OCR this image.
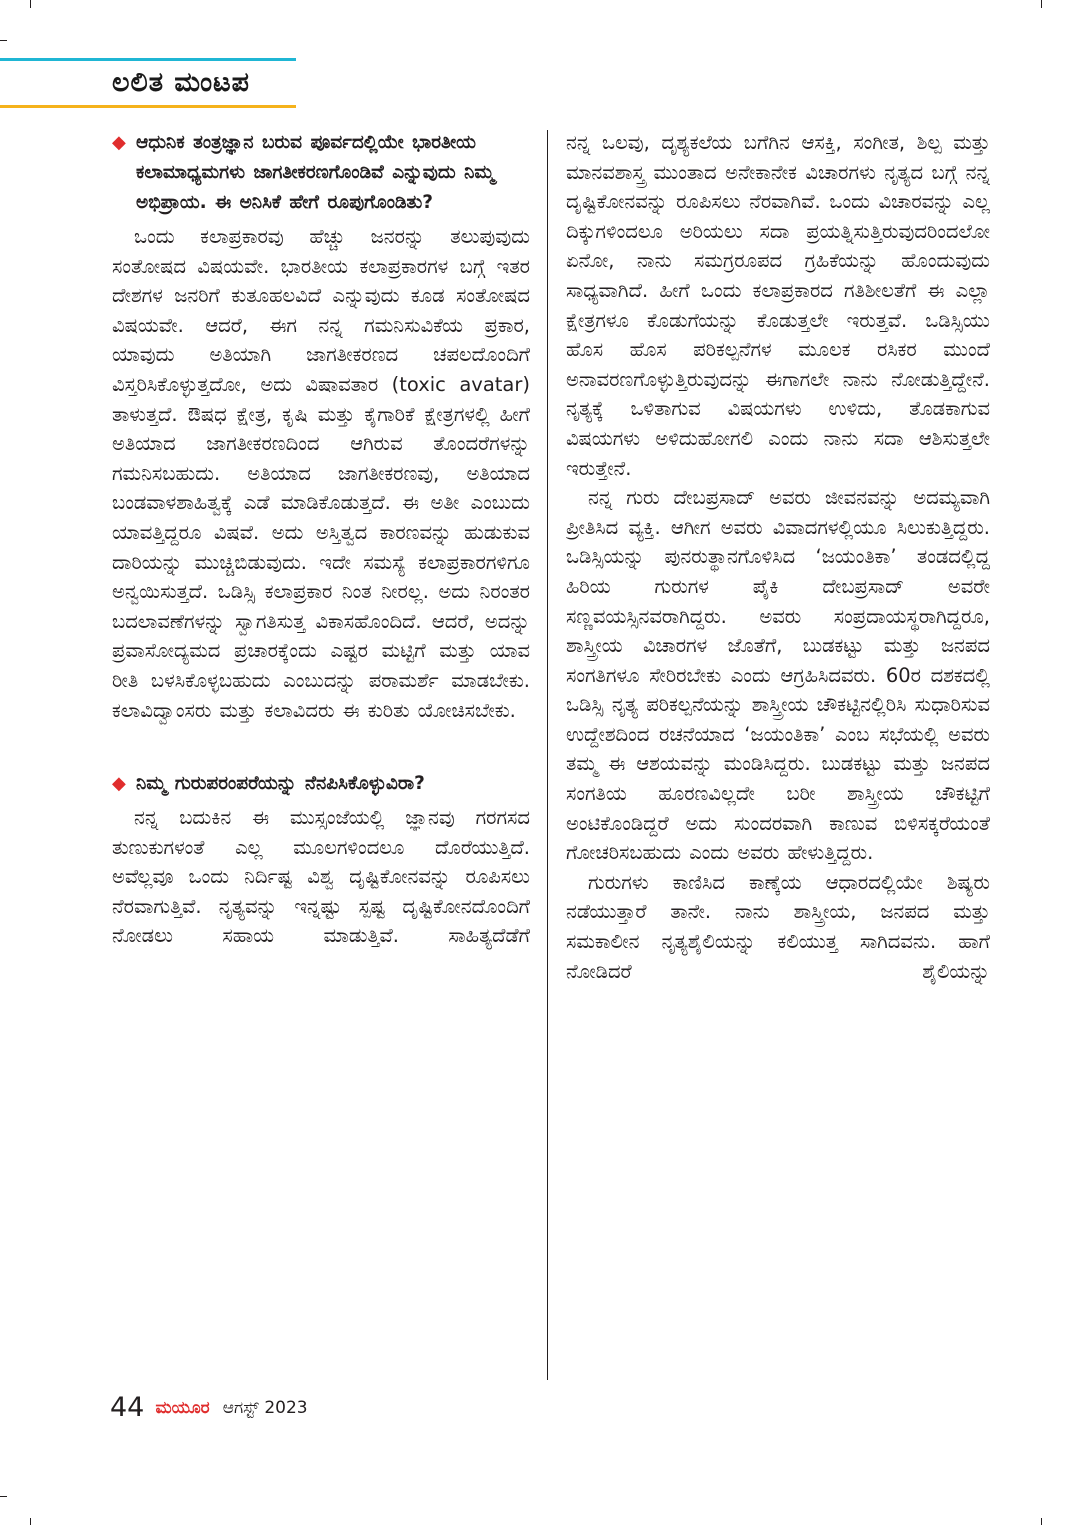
ಲಲಿತ ಮಂಟಪ
◆ ಆಧುನಿಕ ತಂತ್ರಜ್ಞಾನ ಬರುವ ಪೂರ್ವದಲ್ಲಿಯೇ ಭಾರತೀಯ ಕಲಾಮಾಧ್ಯಮಗಳು ಜಾಗತೀಕರಣಗೊಂಡಿವೆ ಎನ್ನುವುದು ನಿಮ್ಮ ಅಭಿಪ್ರಾಯ. ಈ ಅನಿಸಿಕೆ ಹೇಗೆ ರೂಪುಗೊಂಡಿತು?

ಒಂದು ಕಲಾಪ್ರಕಾರವು ಹೆಚ್ಚು ಜನರನ್ನು ತಲುಪುವುದು ಸಂತೋಷದ ವಿಷಯವೇ. ಭಾರತೀಯ ಕಲಾಪ್ರಕಾರಗಳ ಬಗ್ಗೆ ಇತರ ದೇಶಗಳ ಜನರಿಗೆ ಕುತೂಹಲವಿದೆ ಎನ್ನುವುದು ಕೂಡ ಸಂತೋಷದ ವಿಷಯವೇ. ಆದರೆ, ಈಗ ನನ್ನ ಗಮನಿಸುವಿಕೆಯ ಪ್ರಕಾರ, ಯಾವುದು ಅತಿಯಾಗಿ ಜಾಗತೀಕರಣದ ಚಪಲದೊಂದಿಗೆ ವಿಸ್ತರಿಸಿಕೊಳ್ಳುತ್ತದೋ, ಅದು ವಿಷಾವತಾರ (toxic avatar) ತಾಳುತ್ತದೆ. ಔಷಧ ಕ್ಷೇತ್ರ, ಕೃಷಿ ಮತ್ತು ಕೈಗಾರಿಕೆ ಕ್ಷೇತ್ರಗಳಲ್ಲಿ ಹೀಗೆ ಅತಿಯಾದ ಜಾಗತೀಕರಣದಿಂದ ಆಗಿರುವ ತೊಂದರೆಗಳನ್ನು ಗಮನಿಸಬಹುದು. ಅತಿಯಾದ ಜಾಗತೀಕರಣವು, ಅತಿಯಾದ ಬಂಡವಾಳಶಾಹಿತ್ವಕ್ಕೆ ಎಡೆ ಮಾಡಿಕೊಡುತ್ತದೆ. ಈ ಅತೀ ಎಂಬುದು ಯಾವತ್ತಿದ್ದರೂ ವಿಷವೆ. ಅದು ಅಸ್ತಿತ್ವದ ಕಾರಣವನ್ನು ಹುಡುಕುವ ದಾರಿಯನ್ನು ಮುಚ್ಚಿಬಿಡುವುದು. ಇದೇ ಸಮಸ್ಯೆ ಕಲಾಪ್ರಕಾರಗಳಿಗೂ ಅನ್ವಯಿಸುತ್ತದೆ. ಒಡಿಸ್ಸಿ ಕಲಾಪ್ರಕಾರ ನಿಂತ ನೀರಲ್ಲ. ಅದು ನಿರಂತರ ಬದಲಾವಣೆಗಳನ್ನು ಸ್ವಾಗತಿಸುತ್ತ ವಿಕಾಸಹೊಂದಿದೆ. ಆದರೆ, ಅದನ್ನು ಪ್ರವಾಸೋದ್ಯಮದ ಪ್ರಚಾರಕ್ಕೆಂದು ಎಷ್ಟರ ಮಟ್ಟಿಗೆ ಮತ್ತು ಯಾವ ರೀತಿ ಬಳಸಿಕೊಳ್ಳಬಹುದು ಎಂಬುದನ್ನು ಪರಾಮರ್ಶೆ ಮಾಡಬೇಕು. ಕಲಾವಿದ್ವಾಂಸರು ಮತ್ತು ಕಲಾವಿದರು ಈ ಕುರಿತು ಯೋಚಿಸಬೇಕು.

◆ ನಿಮ್ಮ ಗುರುಪರಂಪರೆಯನ್ನು ನೆನಪಿಸಿಕೊಳ್ಳುವಿರಾ?

ನನ್ನ ಬದುಕಿನ ಈ ಮುಸ್ಸಂಜೆಯಲ್ಲಿ ಜ್ಞಾನವು ಗರಗಸದ ತುಣುಕುಗಳಂತೆ ಎಲ್ಲ ಮೂಲಗಳಿಂದಲೂ ದೊರೆಯುತ್ತಿದೆ. ಅವೆಲ್ಲವೂ ಒಂದು ನಿರ್ದಿಷ್ಟ ವಿಶ್ವ ದೃಷ್ಟಿಕೋನವನ್ನು ರೂಪಿಸಲು ನೆರವಾಗುತ್ತಿವೆ. ನೃತ್ಯವನ್ನು ಇನ್ನಷ್ಟು ಸ್ಪಷ್ಟ ದೃಷ್ಟಿಕೋನದೊಂದಿಗೆ ನೋಡಲು ಸಹಾಯ ಮಾಡುತ್ತಿವೆ. ಸಾಹಿತ್ಯದೆಡೆಗೆ

ನನ್ನ ಒಲವು, ದೃಶ್ಯಕಲೆಯ ಬಗೆಗಿನ ಆಸಕ್ತಿ, ಸಂಗೀತ, ಶಿಲ್ಪ ಮತ್ತು ಮಾನವಶಾಸ್ತ್ರ ಮುಂತಾದ ಅನೇಕಾನೇಕ ವಿಚಾರಗಳು ನೃತ್ಯದ ಬಗ್ಗೆ ನನ್ನ ದೃಷ್ಟಿಕೋನವನ್ನು ರೂಪಿಸಲು ನೆರವಾಗಿವೆ. ಒಂದು ವಿಚಾರವನ್ನು ಎಲ್ಲ ದಿಕ್ಕುಗಳಿಂದಲೂ ಅರಿಯಲು ಸದಾ ಪ್ರಯತ್ನಿಸುತ್ತಿರುವುದರಿಂದಲೋ ಏನೋ, ನಾನು ಸಮಗ್ರರೂಪದ ಗ್ರಹಿಕೆಯನ್ನು ಹೊಂದುವುದು ಸಾಧ್ಯವಾಗಿದೆ. ಹೀಗೆ ಒಂದು ಕಲಾಪ್ರಕಾರದ ಗತಿಶೀಲತೆಗೆ ಈ ಎಲ್ಲಾ ಕ್ಷೇತ್ರಗಳೂ ಕೊಡುಗೆಯನ್ನು ಕೊಡುತ್ತಲೇ ಇರುತ್ತವೆ. ಒಡಿಸ್ಸಿಯು ಹೊಸ ಹೊಸ ಪರಿಕಲ್ಪನೆಗಳ ಮೂಲಕ ರಸಿಕರ ಮುಂದೆ ಅನಾವರಣಗೊಳ್ಳುತ್ತಿರುವುದನ್ನು ಈಗಾಗಲೇ ನಾನು ನೋಡುತ್ತಿದ್ದೇನೆ. ನೃತ್ಯಕ್ಕೆ ಒಳಿತಾಗುವ ವಿಷಯಗಳು ಉಳಿದು, ತೊಡಕಾಗುವ ವಿಷಯಗಳು ಅಳಿದುಹೋಗಲಿ ಎಂದು ನಾನು ಸದಾ ಆಶಿಸುತ್ತಲೇ ಇರುತ್ತೇನೆ.

ನನ್ನ ಗುರು ದೇಬಪ್ರಸಾದ್ ಅವರು ಜೀವನವನ್ನು ಅದಮ್ಯವಾಗಿ ಪ್ರೀತಿಸಿದ ವ್ಯಕ್ತಿ. ಆಗೀಗ ಅವರು ವಿವಾದಗಳಲ್ಲಿಯೂ ಸಿಲುಕುತ್ತಿದ್ದರು. ಒಡಿಸ್ಸಿಯನ್ನು ಪುನರುತ್ಥಾನಗೊಳಿಸಿದ ‘ಜಯಂತಿಕಾ’ ತಂಡದಲ್ಲಿದ್ದ ಹಿರಿಯ ಗುರುಗಳ ಪೈಕಿ ದೇಬಪ್ರಸಾದ್ ಅವರೇ ಸಣ್ಣವಯಸ್ಸಿನವರಾಗಿದ್ದರು. ಅವರು ಸಂಪ್ರದಾಯಸ್ಥರಾಗಿದ್ದರೂ, ಶಾಸ್ತ್ರೀಯ ವಿಚಾರಗಳ ಜೊತೆಗೆ, ಬುಡಕಟ್ಟು ಮತ್ತು ಜನಪದ ಸಂಗತಿಗಳೂ ಸೇರಿರಬೇಕು ಎಂದು ಆಗ್ರಹಿಸಿದವರು. 60ರ ದಶಕದಲ್ಲಿ ಒಡಿಸ್ಸಿ ನೃತ್ಯ ಪರಿಕಲ್ಪನೆಯನ್ನು ಶಾಸ್ತ್ರೀಯ ಚೌಕಟ್ಟಿನಲ್ಲಿರಿಸಿ ಸುಧಾರಿಸುವ ಉದ್ದೇಶದಿಂದ ರಚನೆಯಾದ ‘ಜಯಂತಿಕಾ’ ಎಂಬ ಸಭೆಯಲ್ಲಿ ಅವರು ತಮ್ಮ ಈ ಆಶಯವನ್ನು ಮಂಡಿಸಿದ್ದರು. ಬುಡಕಟ್ಟು ಮತ್ತು ಜನಪದ ಸಂಗತಿಯ ಹೂರಣವಿಲ್ಲದೇ ಬರೀ ಶಾಸ್ತ್ರೀಯ ಚೌಕಟ್ಟಿಗೆ ಅಂಟಿಕೊಂಡಿದ್ದರೆ ಅದು ಸುಂದರವಾಗಿ ಕಾಣುವ ಬಿಳಿಸಕ್ಕರೆಯಂತೆ ಗೋಚರಿಸಬಹುದು ಎಂದು ಅವರು ಹೇಳುತ್ತಿದ್ದರು.

ಗುರುಗಳು ಕಾಣಿಸಿದ ಕಾಣ್ಕೆಯ ಆಧಾರದಲ್ಲಿಯೇ ಶಿಷ್ಯರು ನಡೆಯುತ್ತಾರೆ ತಾನೇ. ನಾನು ಶಾಸ್ತ್ರೀಯ, ಜನಪದ ಮತ್ತು ಸಮಕಾಲೀನ ನೃತ್ಯಶೈಲಿಯನ್ನು ಕಲಿಯುತ್ತ ಸಾಗಿದವನು. ಹಾಗೆ ನೋಡಿದರೆ ಶೈಲಿಯನ್ನು

44 ಮಯೂರ ಆಗಸ್ಟ್ 2023
